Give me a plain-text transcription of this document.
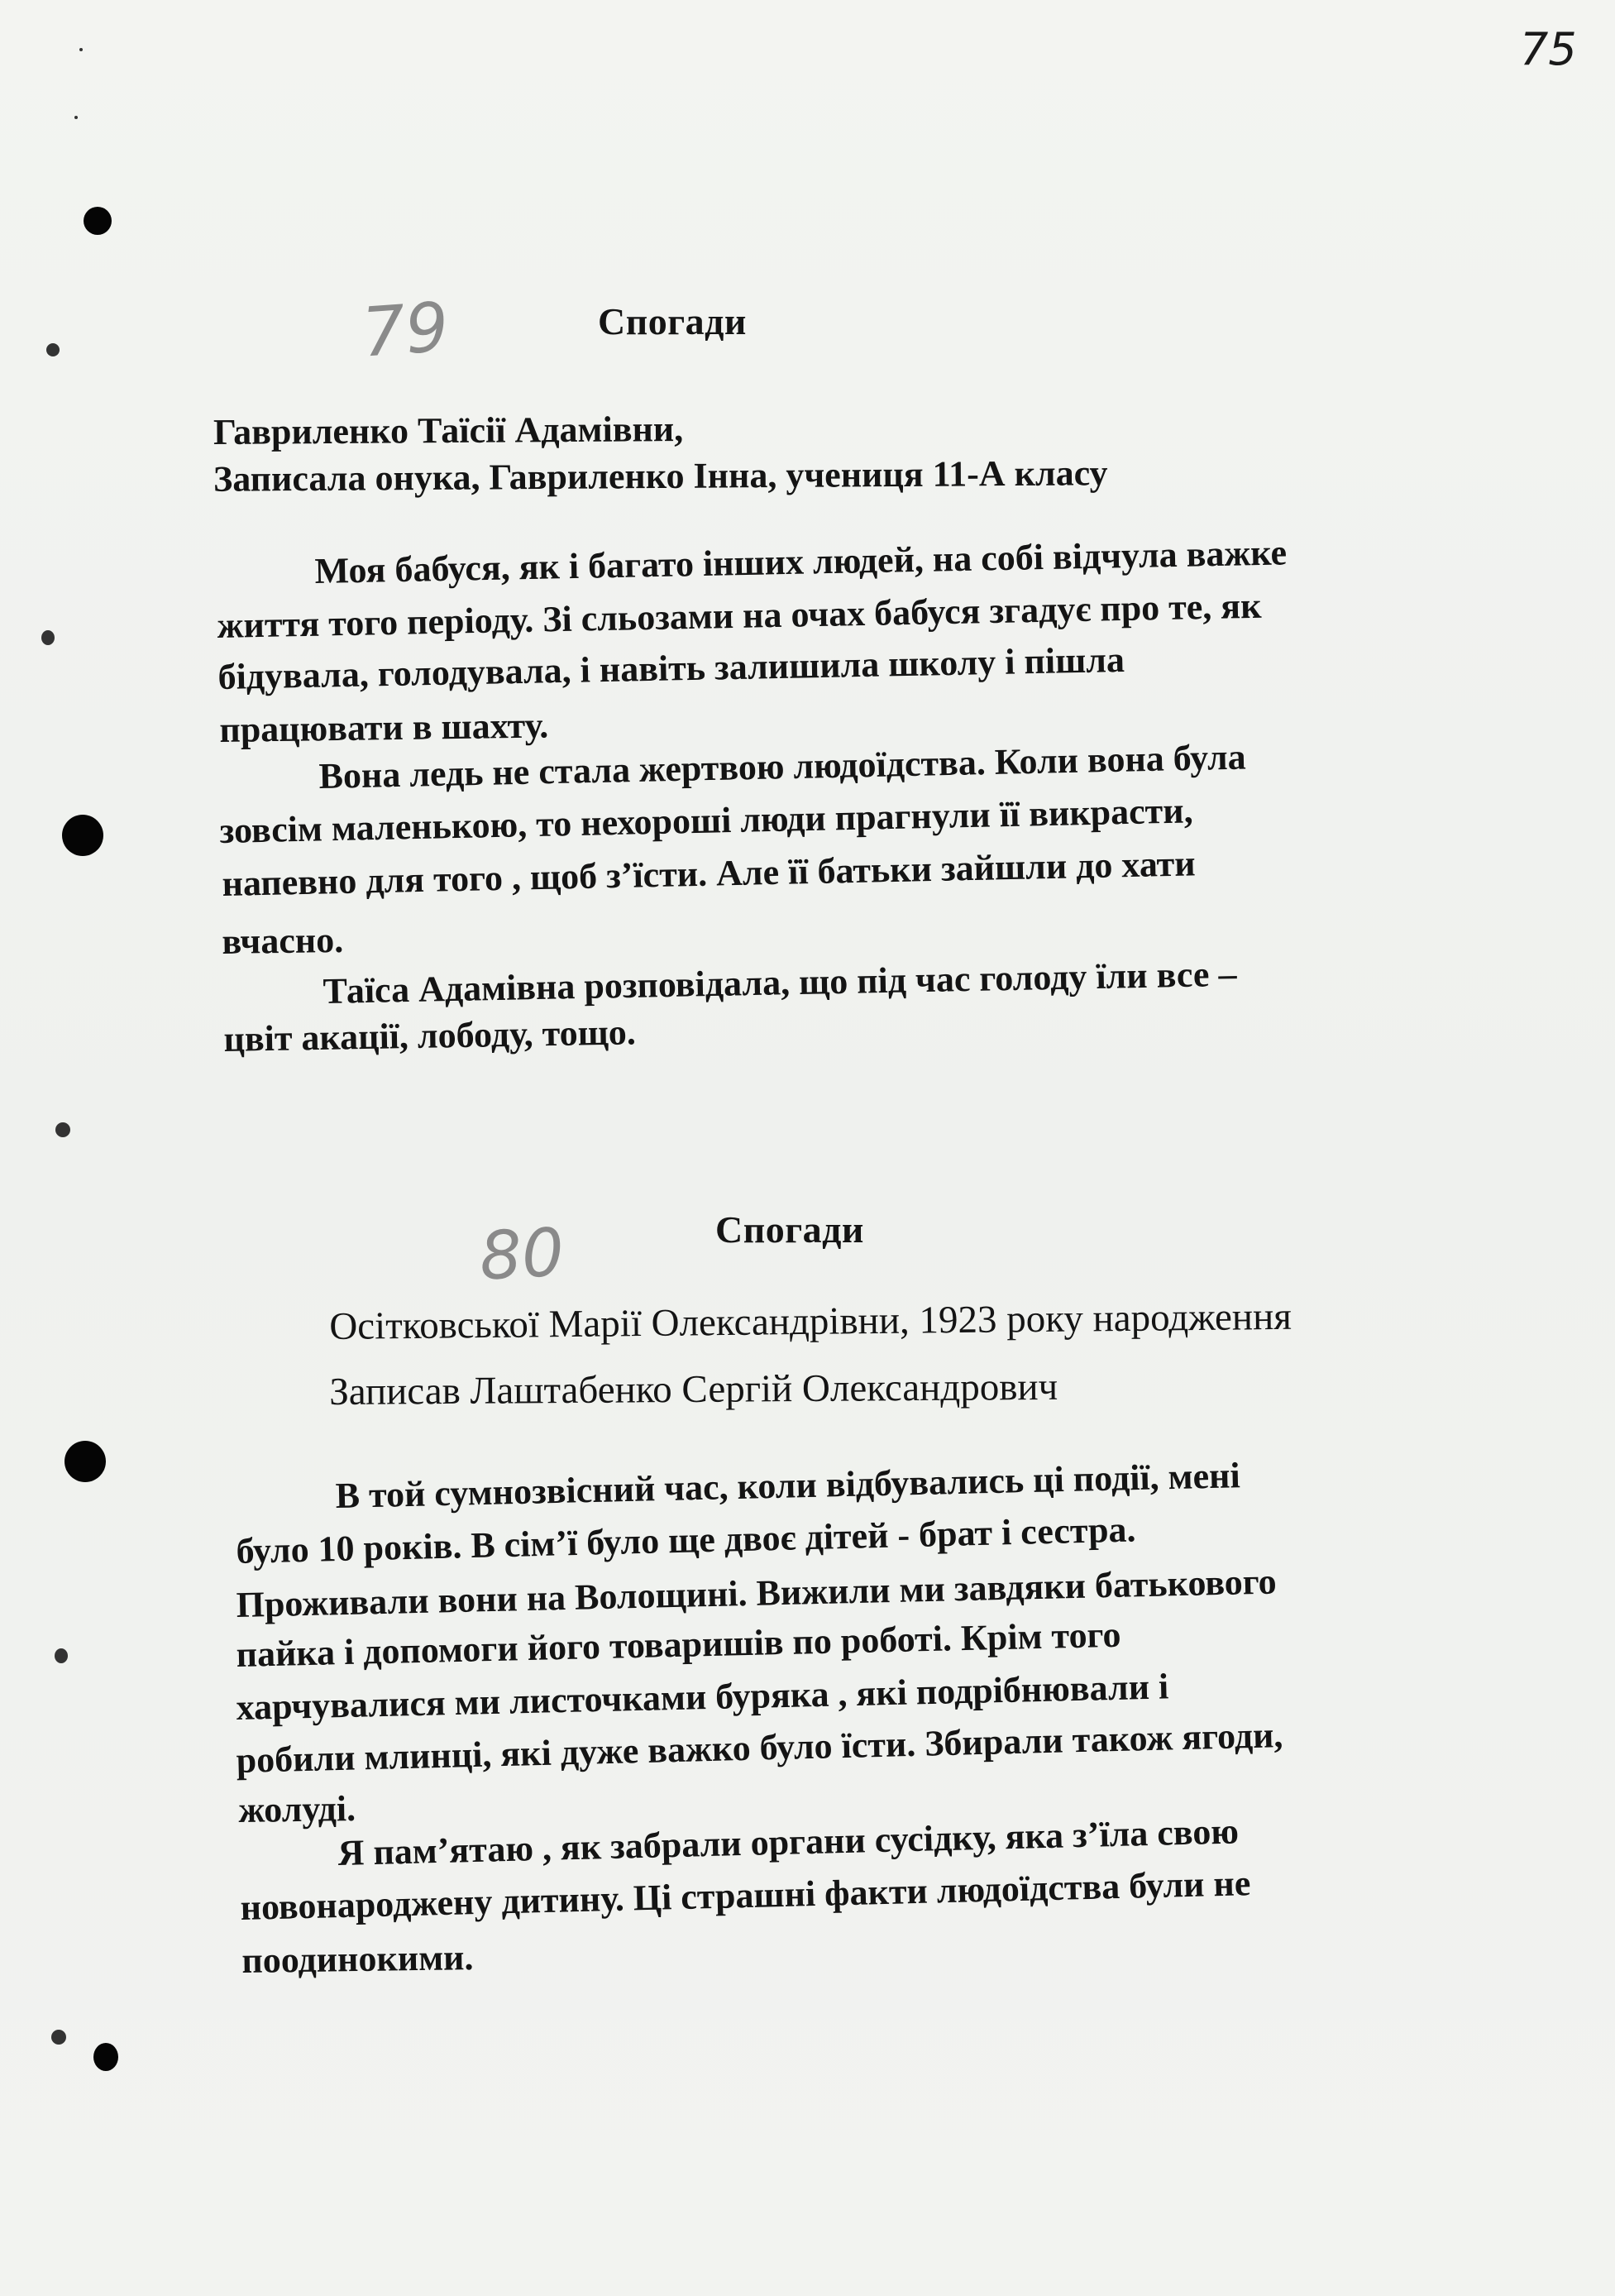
75
79	Спогади
Гавриленко Таїсії Адамівни,
Записала онука, Гавриленко Інна, учениця 11-А класу
Моя бабуся, як і багато інших людей, на собі відчула важке
життя того періоду. Зі сльозами на очах бабуся згадує про те, як
бідувала, голодувала, і навіть залишила школу і пішла
працювати в шахту.
Вона ледь не стала жертвою людоїдства. Коли вона була
зовсім маленькою, то нехороші люди прагнули її викрасти,
напевно для того , щоб з’їсти. Але її батьки зайшли до хати
вчасно.
Таїса Адамівна розповідала, що під час голоду їли все –
цвіт акації, лободу, тощо.
80	Спогади
Осітковської Марії Олександрівни, 1923 року народження
Записав Лаштабенко Сергій Олександрович
В той сумнозвісний час, коли відбувались ці події, мені
було 10 років. В сім’ї було ще двоє дітей - брат і сестра.
Проживали вони на Волощині. Вижили ми завдяки батькового
пайка і допомоги його товаришів по роботі. Крім того
харчувалися ми листочками буряка , які подрібнювали і
робили млинці, які дуже важко було їсти. Збирали також ягоди,
жолуді.
Я пам’ятаю , як забрали органи сусідку, яка з’їла свою
новонароджену дитину. Ці страшні факти людоїдства були не
поодинокими.
